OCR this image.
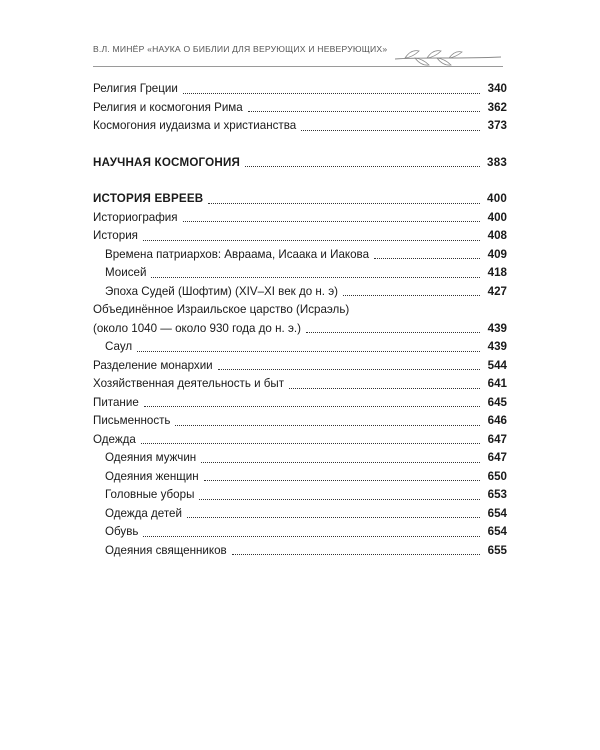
В.Л. МИНЁР «НАУКА О БИБЛИИ ДЛЯ ВЕРУЮЩИХ И НЕВЕРУЮЩИХ»
Религия Греции	340
Религия и космогония Рима	362
Космогония иудаизма и христианства	373
НАУЧНАЯ КОСМОГОНИЯ	383
ИСТОРИЯ ЕВРЕЕВ	400
Историография	400
История	408
Времена патриархов: Авраама, Исаака и Иакова	409
Моисей	418
Эпоха Судей (Шофтим) (XIV–XI век до н. э)	427
Объединённое Израильское царство (Исраэль)
(около 1040 — около 930 года до н. э.)	439
Саул	439
Разделение монархии	544
Хозяйственная деятельность и быт	641
Питание	645
Письменность	646
Одежда	647
Одеяния мужчин	647
Одеяния женщин	650
Головные уборы	653
Одежда детей	654
Обувь	654
Одеяния священников	655
